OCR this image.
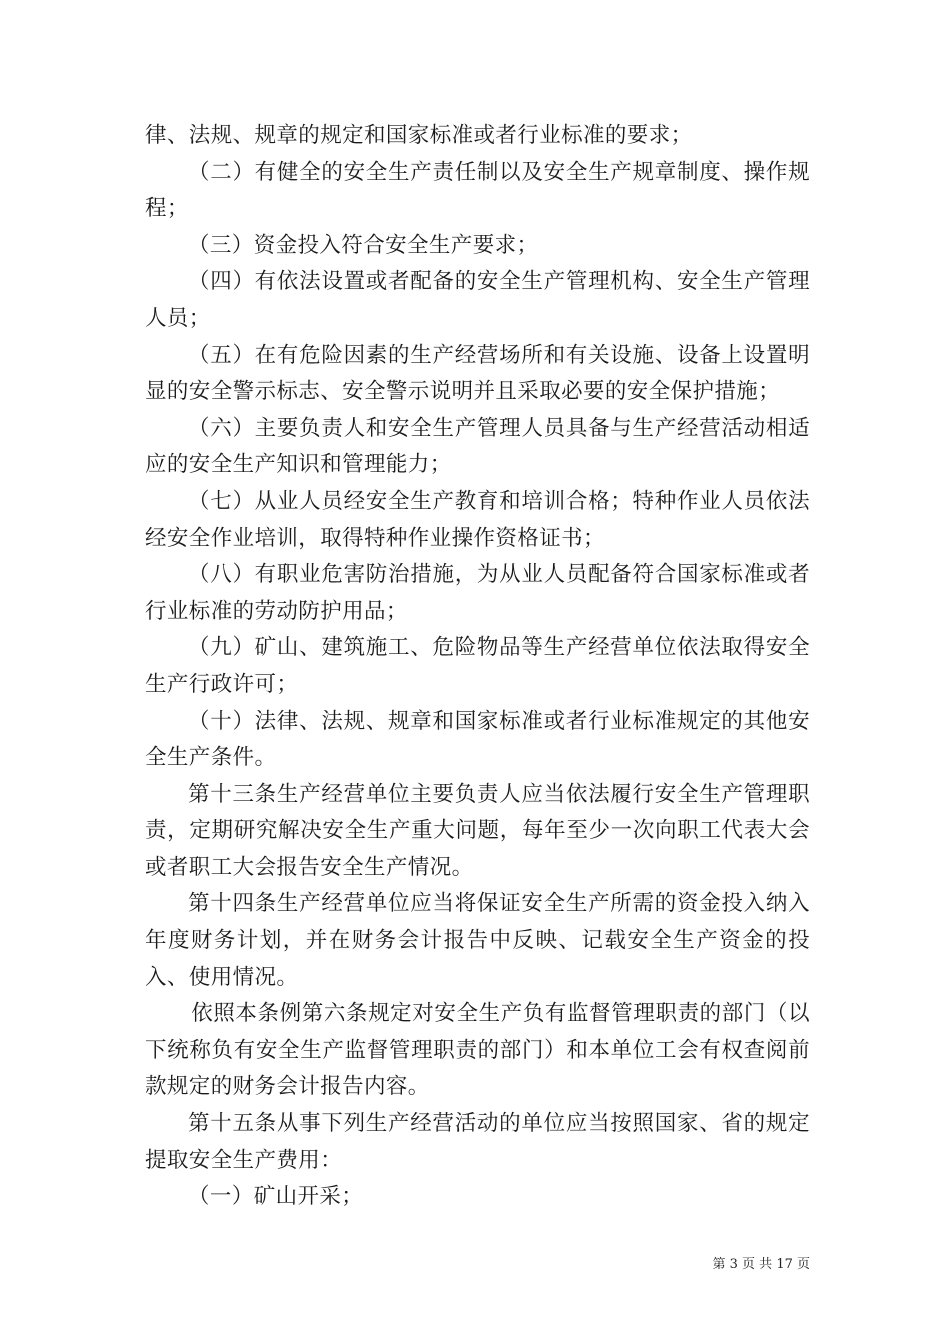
律、法规、规章的规定和国家标准或者行业标准的要求；

（二）有健全的安全生产责任制以及安全生产规章制度、操作规程；

（三）资金投入符合安全生产要求；

（四）有依法设置或者配备的安全生产管理机构、安全生产管理人员；

（五）在有危险因素的生产经营场所和有关设施、设备上设置明显的安全警示标志、安全警示说明并且采取必要的安全保护措施；

（六）主要负责人和安全生产管理人员具备与生产经营活动相适应的安全生产知识和管理能力；

（七）从业人员经安全生产教育和培训合格；特种作业人员依法经安全作业培训，取得特种作业操作资格证书；

（八）有职业危害防治措施，为从业人员配备符合国家标准或者行业标准的劳动防护用品；

（九）矿山、建筑施工、危险物品等生产经营单位依法取得安全生产行政许可；

（十）法律、法规、规章和国家标准或者行业标准规定的其他安全生产条件。

第十三条生产经营单位主要负责人应当依法履行安全生产管理职责，定期研究解决安全生产重大问题，每年至少一次向职工代表大会或者职工大会报告安全生产情况。

第十四条生产经营单位应当将保证安全生产所需的资金投入纳入年度财务计划，并在财务会计报告中反映、记载安全生产资金的投入、使用情况。

依照本条例第六条规定对安全生产负有监督管理职责的部门（以下统称负有安全生产监督管理职责的部门）和本单位工会有权查阅前款规定的财务会计报告内容。

第十五条从事下列生产经营活动的单位应当按照国家、省的规定提取安全生产费用：

（一）矿山开采；

第 3 页 共 17 页
